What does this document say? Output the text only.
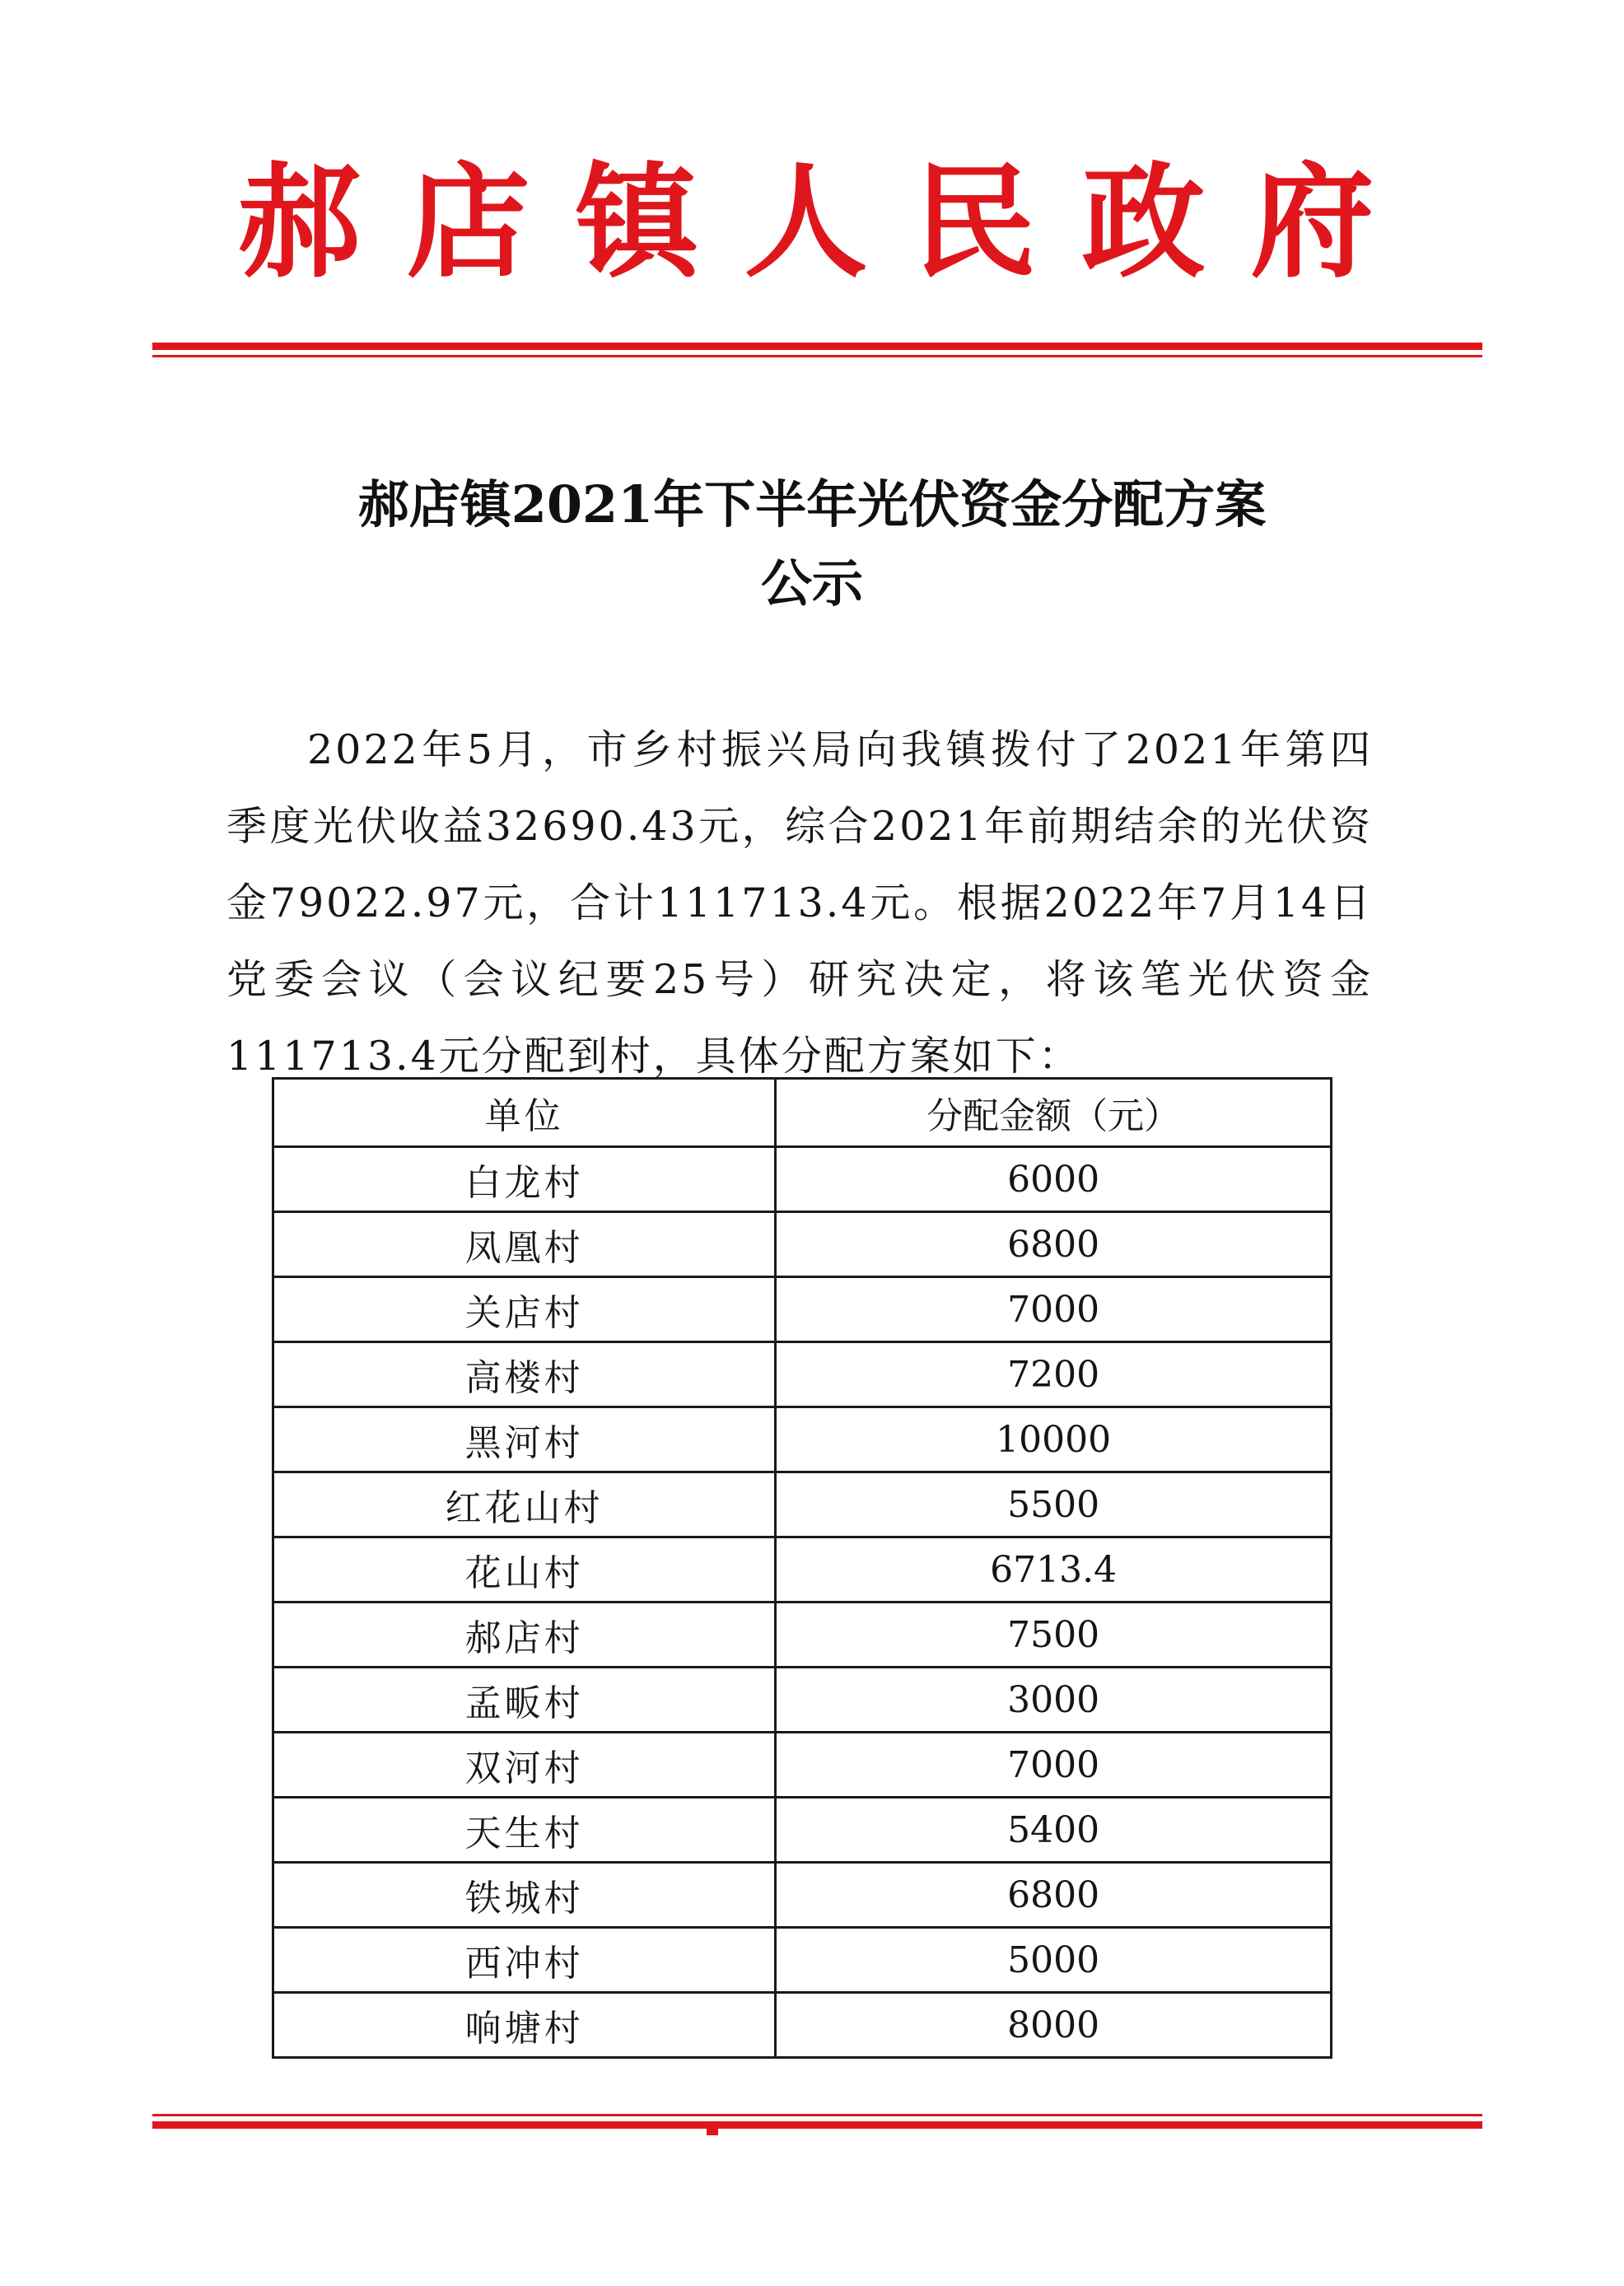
郝店镇人民政府
郝店镇2021年下半年光伏资金分配方案
公示

2022年5月，市乡村振兴局向我镇拨付了2021年第四季度光伏收益32690.43元，综合2021年前期结余的光伏资金79022.97元，合计111713.4元。根据2022年7月14日党委会议（会议纪要25号）研究决定，将该笔光伏资金111713.4元分配到村，具体分配方案如下：

单位	分配金额（元）
白龙村	6000
凤凰村	6800
关店村	7000
高楼村	7200
黑河村	10000
红花山村	5500
花山村	6713.4
郝店村	7500
孟畈村	3000
双河村	7000
天生村	5400
铁城村	6800
西冲村	5000
响塘村	8000
